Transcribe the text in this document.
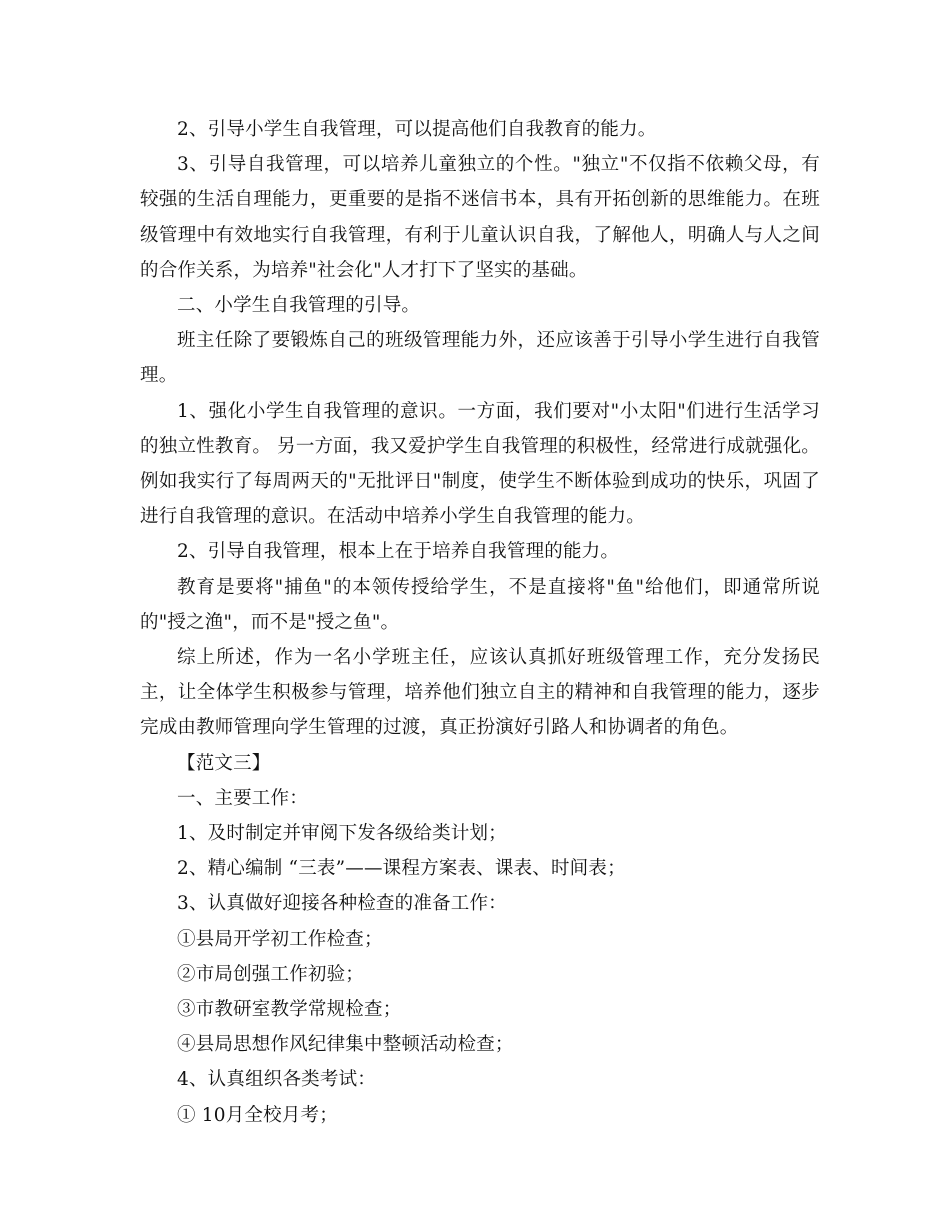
2、引导小学生自我管理，可以提高他们自我教育的能力。

3、引导自我管理，可以培养儿童独立的个性。"独立"不仅指不依赖父母，有较强的生活自理能力，更重要的是指不迷信书本，具有开拓创新的思维能力。在班级管理中有效地实行自我管理，有利于儿童认识自我，了解他人，明确人与人之间的合作关系，为培养"社会化"人才打下了坚实的基础。

二、小学生自我管理的引导。

班主任除了要锻炼自己的班级管理能力外，还应该善于引导小学生进行自我管理。

1、强化小学生自我管理的意识。一方面，我们要对"小太阳"们进行生活学习的独立性教育。 另一方面，我又爱护学生自我管理的积极性，经常进行成就强化。例如我实行了每周两天的"无批评日"制度，使学生不断体验到成功的快乐，巩固了进行自我管理的意识。在活动中培养小学生自我管理的能力。

2、引导自我管理，根本上在于培养自我管理的能力。

教育是要将"捕鱼"的本领传授给学生，不是直接将"鱼"给他们，即通常所说的"授之渔"，而不是"授之鱼"。

综上所述，作为一名小学班主任，应该认真抓好班级管理工作，充分发扬民主，让全体学生积极参与管理，培养他们独立自主的精神和自我管理的能力，逐步完成由教师管理向学生管理的过渡，真正扮演好引路人和协调者的角色。

【范文三】

一、主要工作：

1、及时制定并审阅下发各级给类计划；

2、精心编制 “三表”——课程方案表、课表、时间表；

3、认真做好迎接各种检查的准备工作：

①县局开学初工作检查；

②市局创强工作初验；

③市教研室教学常规检查；

④县局思想作风纪律集中整顿活动检查；

4、认真组织各类考试：

① 10月全校月考；
